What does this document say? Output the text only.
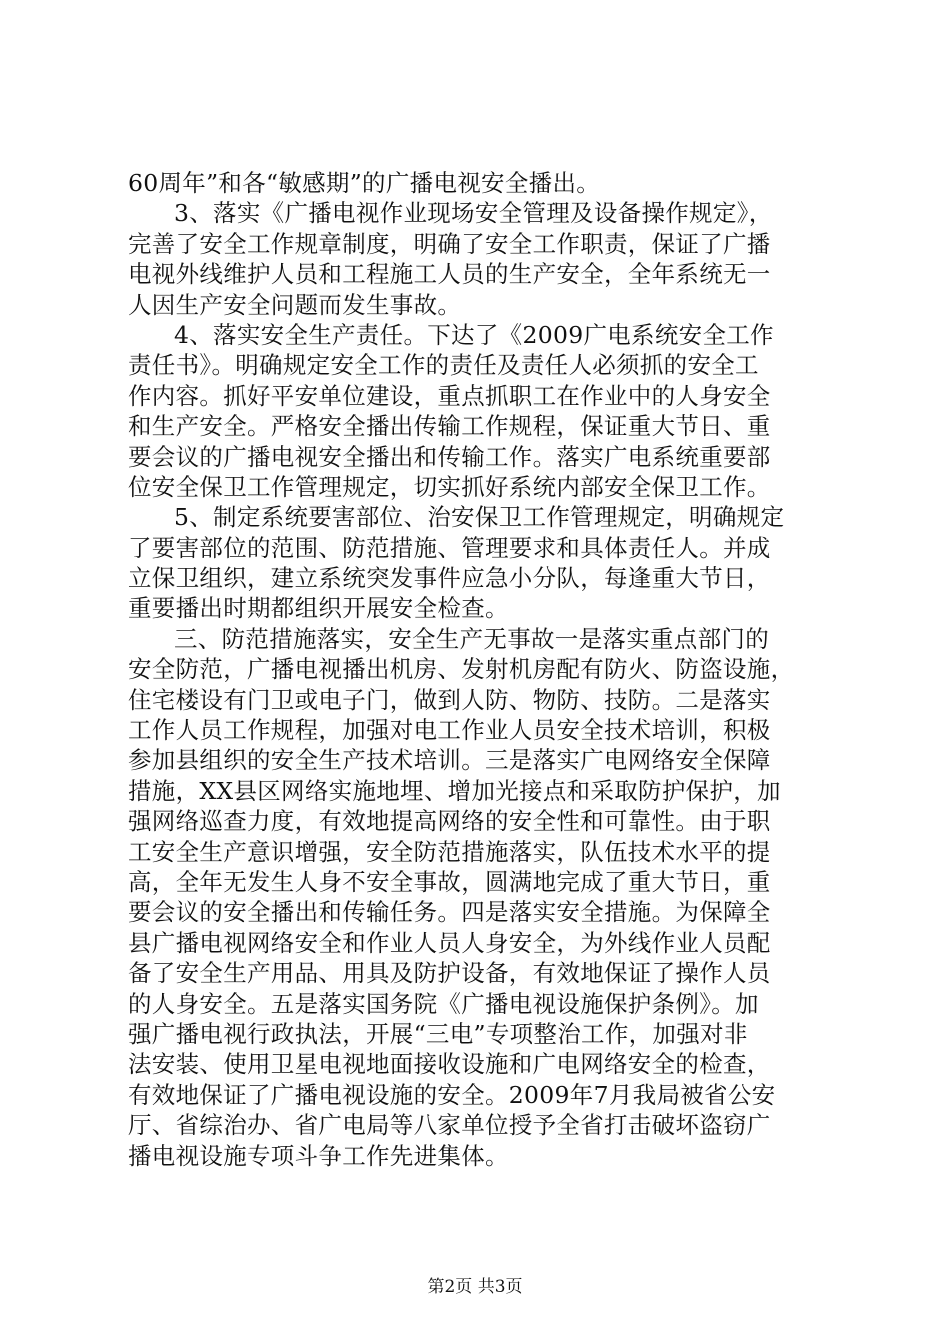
60周年”和各“敏感期”的广播电视安全播出。
3、落实《广播电视作业现场安全管理及设备操作规定》，
完善了安全工作规章制度，明确了安全工作职责，保证了广播
电视外线维护人员和工程施工人员的生产安全，全年系统无一
人因生产安全问题而发生事故。
4、落实安全生产责任。下达了《2009广电系统安全工作
责任书》。明确规定安全工作的责任及责任人必须抓的安全工
作内容。抓好平安单位建设，重点抓职工在作业中的人身安全
和生产安全。严格安全播出传输工作规程，保证重大节日、重
要会议的广播电视安全播出和传输工作。落实广电系统重要部
位安全保卫工作管理规定，切实抓好系统内部安全保卫工作。
5、制定系统要害部位、治安保卫工作管理规定，明确规定
了要害部位的范围、防范措施、管理要求和具体责任人。并成
立保卫组织，建立系统突发事件应急小分队，每逢重大节日，
重要播出时期都组织开展安全检查。
三、防范措施落实，安全生产无事故一是落实重点部门的
安全防范，广播电视播出机房、发射机房配有防火、防盗设施，
住宅楼设有门卫或电子门，做到人防、物防、技防。二是落实
工作人员工作规程，加强对电工作业人员安全技术培训，积极
参加县组织的安全生产技术培训。三是落实广电网络安全保障
措施，XX县区网络实施地埋、增加光接点和采取防护保护，加
强网络巡查力度，有效地提高网络的安全性和可靠性。由于职
工安全生产意识增强，安全防范措施落实，队伍技术水平的提
高，全年无发生人身不安全事故，圆满地完成了重大节日，重
要会议的安全播出和传输任务。四是落实安全措施。为保障全
县广播电视网络安全和作业人员人身安全，为外线作业人员配
备了安全生产用品、用具及防护设备，有效地保证了操作人员
的人身安全。五是落实国务院《广播电视设施保护条例》。加
强广播电视行政执法，开展“三电”专项整治工作，加强对非
法安装、使用卫星电视地面接收设施和广电网络安全的检查，
有效地保证了广播电视设施的安全。2009年7月我局被省公安
厅、省综治办、省广电局等八家单位授予全省打击破坏盗窃广
播电视设施专项斗争工作先进集体。
第2页 共3页
